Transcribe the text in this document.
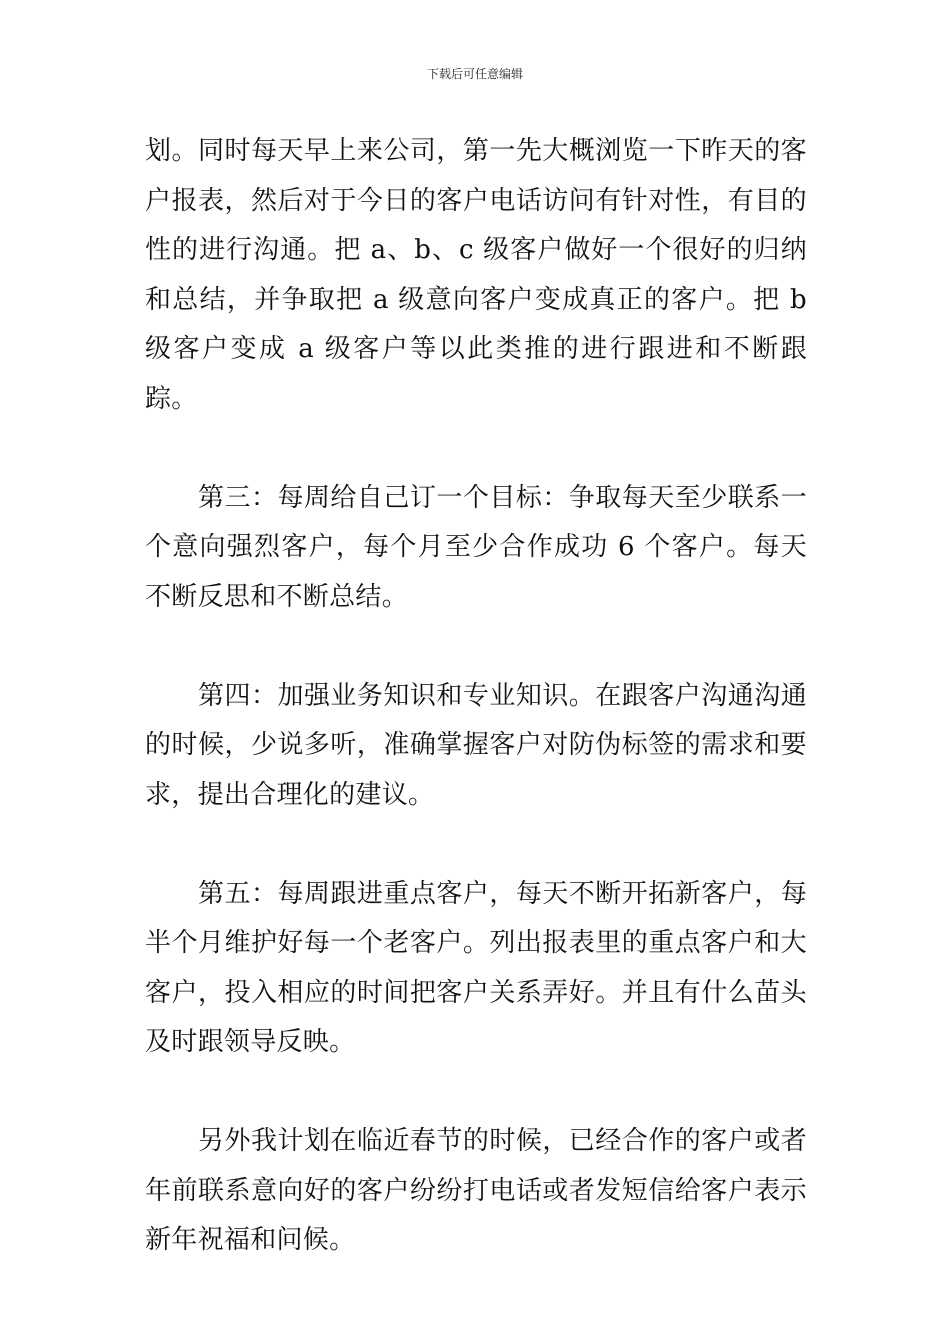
下载后可任意编辑

划。同时每天早上来公司，第一先大概浏览一下昨天的客户报表，然后对于今日的客户电话访问有针对性，有目的性的进行沟通。把 a、b、c 级客户做好一个很好的归纳和总结，并争取把 a 级意向客户变成真正的客户。把 b 级客户变成 a 级客户等以此类推的进行跟进和不断跟踪。

第三：每周给自己订一个目标：争取每天至少联系一个意向强烈客户，每个月至少合作成功 6 个客户。每天不断反思和不断总结。

第四：加强业务知识和专业知识。在跟客户沟通沟通的时候，少说多听，准确掌握客户对防伪标签的需求和要求，提出合理化的建议。

第五：每周跟进重点客户，每天不断开拓新客户，每半个月维护好每一个老客户。列出报表里的重点客户和大客户，投入相应的时间把客户关系弄好。并且有什么苗头及时跟领导反映。

另外我计划在临近春节的时候，已经合作的客户或者年前联系意向好的客户纷纷打电话或者发短信给客户表示新年祝福和问候。
